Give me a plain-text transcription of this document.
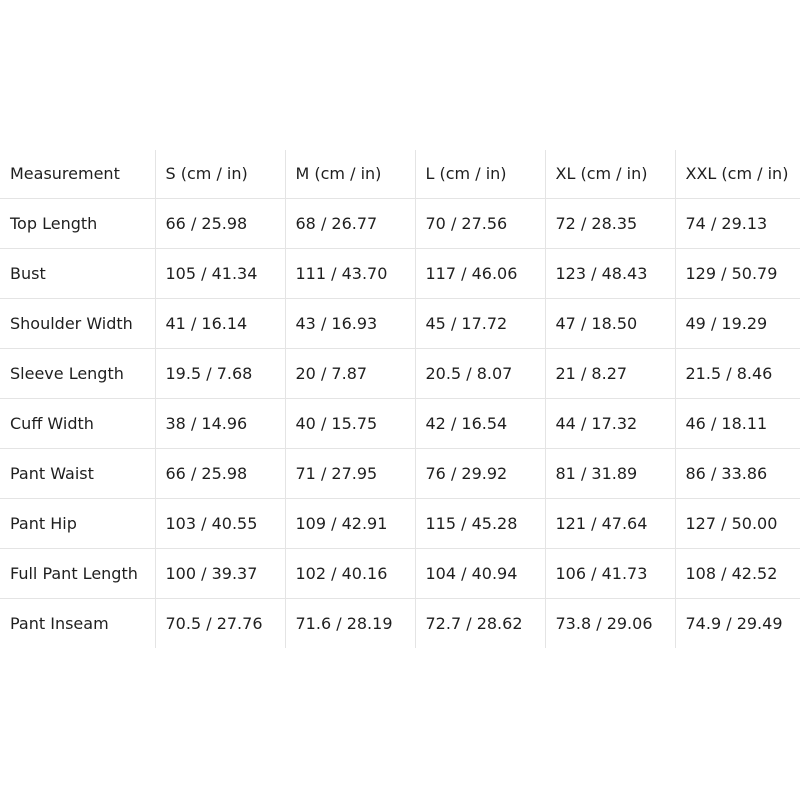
Measurement	S (cm / in)	M (cm / in)	L (cm / in)	XL (cm / in)	XXL (cm / in)
Top Length	66 / 25.98	68 / 26.77	70 / 27.56	72 / 28.35	74 / 29.13
Bust	105 / 41.34	111 / 43.70	117 / 46.06	123 / 48.43	129 / 50.79
Shoulder Width	41 / 16.14	43 / 16.93	45 / 17.72	47 / 18.50	49 / 19.29
Sleeve Length	19.5 / 7.68	20 / 7.87	20.5 / 8.07	21 / 8.27	21.5 / 8.46
Cuff Width	38 / 14.96	40 / 15.75	42 / 16.54	44 / 17.32	46 / 18.11
Pant Waist	66 / 25.98	71 / 27.95	76 / 29.92	81 / 31.89	86 / 33.86
Pant Hip	103 / 40.55	109 / 42.91	115 / 45.28	121 / 47.64	127 / 50.00
Full Pant Length	100 / 39.37	102 / 40.16	104 / 40.94	106 / 41.73	108 / 42.52
Pant Inseam	70.5 / 27.76	71.6 / 28.19	72.7 / 28.62	73.8 / 29.06	74.9 / 29.49
